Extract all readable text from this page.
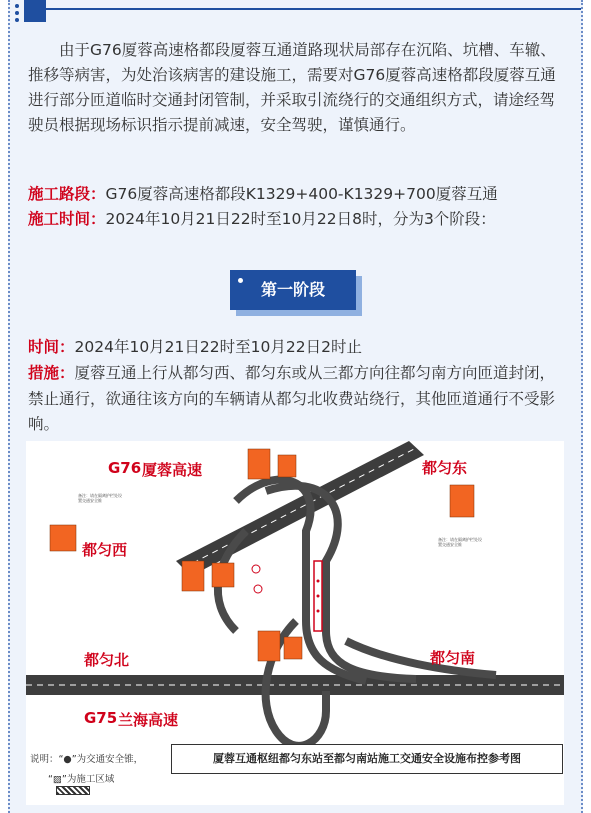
由于G76厦蓉高速格都段厦蓉互通道路现状局部存在沉陷、坑槽、车辙、推移等病害，为处治该病害的建设施工，需要对G76厦蓉高速格都段厦蓉互通进行部分匝道临时交通封闭管制，并采取引流绕行的交通组织方式，请途经驾驶员根据现场标识指示提前减速，安全驾驶，谨慎通行。

施工路段：G76厦蓉高速格都段K1329+400-K1329+700厦蓉互通

施工时间：2024年10月21日22时至10月22日8时，分为3个阶段：

第一阶段

时间：2024年10月21日22时至10月22日2时止

措施：厦蓉互通上行从都匀西、都匀东或从三都方向往都匀南方向匝道封闭，禁止通行，欲通往该方向的车辆请从都匀北收费站绕行，其他匝道通行不受影响。

G76 厦蓉高速	都匀东
都匀西
都匀北	都匀南
G75 兰海高速
备注：请在隔离护栏处设置交通安全锥
备注：请在隔离护栏处设置交通安全锥
说明：“●”为交通安全锥，
“▨”为施工区域
厦蓉互通枢纽都匀东站至都匀南站施工交通安全设施布控参考图
